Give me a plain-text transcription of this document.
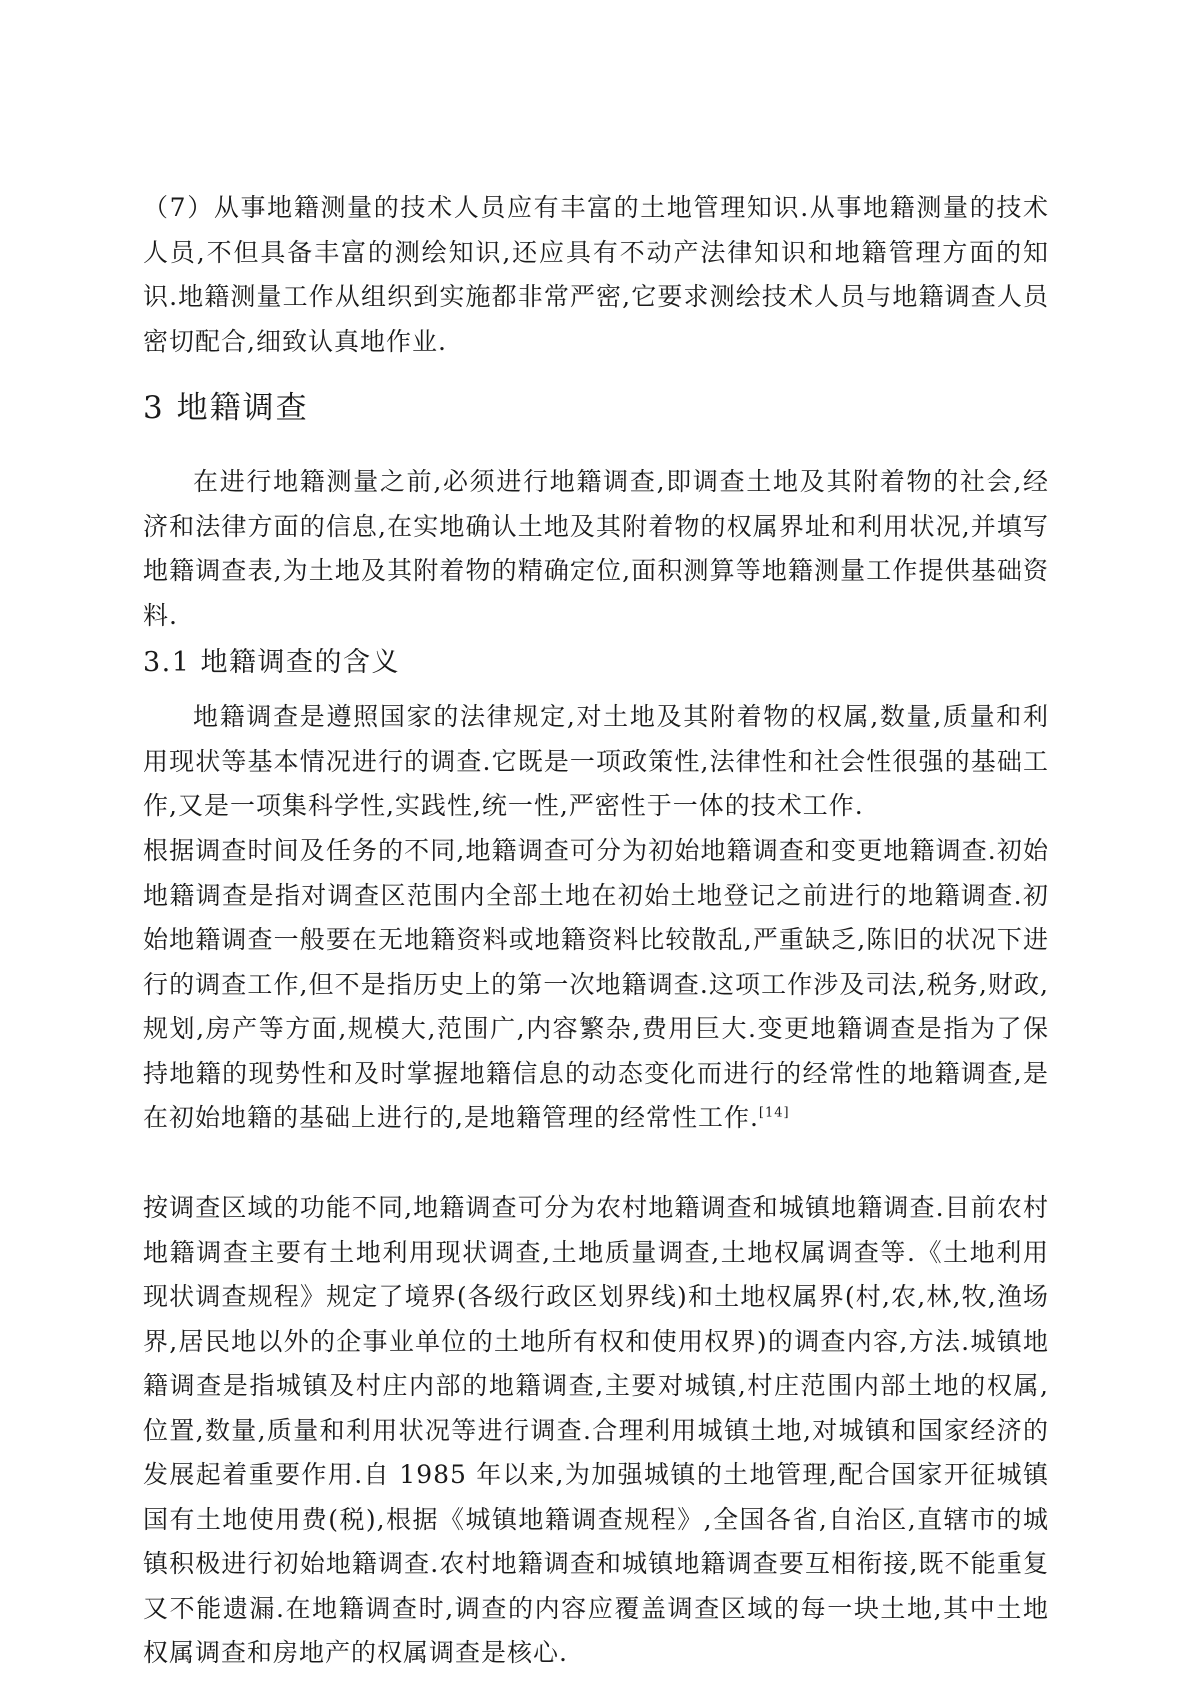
（7）从事地籍测量的技术人员应有丰富的土地管理知识.从事地籍测量的技术人员,不但具备丰富的测绘知识,还应具有不动产法律知识和地籍管理方面的知识.地籍测量工作从组织到实施都非常严密,它要求测绘技术人员与地籍调查人员密切配合,细致认真地作业.

3 地籍调查

在进行地籍测量之前,必须进行地籍调查,即调查土地及其附着物的社会,经济和法律方面的信息,在实地确认土地及其附着物的权属界址和利用状况,并填写地籍调查表,为土地及其附着物的精确定位,面积测算等地籍测量工作提供基础资料.

3.1 地籍调查的含义

地籍调查是遵照国家的法律规定,对土地及其附着物的权属,数量,质量和利用现状等基本情况进行的调查.它既是一项政策性,法律性和社会性很强的基础工作,又是一项集科学性,实践性,统一性,严密性于一体的技术工作.

根据调查时间及任务的不同,地籍调查可分为初始地籍调查和变更地籍调查.初始地籍调查是指对调查区范围内全部土地在初始土地登记之前进行的地籍调查.初始地籍调查一般要在无地籍资料或地籍资料比较散乱,严重缺乏,陈旧的状况下进行的调查工作,但不是指历史上的第一次地籍调查.这项工作涉及司法,税务,财政,规划,房产等方面,规模大,范围广,内容繁杂,费用巨大.变更地籍调查是指为了保持地籍的现势性和及时掌握地籍信息的动态变化而进行的经常性的地籍调查,是在初始地籍的基础上进行的,是地籍管理的经常性工作.[14]

按调查区域的功能不同,地籍调查可分为农村地籍调查和城镇地籍调查.目前农村地籍调查主要有土地利用现状调查,土地质量调查,土地权属调查等.《土地利用现状调查规程》规定了境界(各级行政区划界线)和土地权属界(村,农,林,牧,渔场界,居民地以外的企事业单位的土地所有权和使用权界)的调查内容,方法.城镇地籍调查是指城镇及村庄内部的地籍调查,主要对城镇,村庄范围内部土地的权属,位置,数量,质量和利用状况等进行调查.合理利用城镇土地,对城镇和国家经济的发展起着重要作用.自 1985 年以来,为加强城镇的土地管理,配合国家开征城镇国有土地使用费(税),根据《城镇地籍调查规程》,全国各省,自治区,直辖市的城镇积极进行初始地籍调查.农村地籍调查和城镇地籍调查要互相衔接,既不能重复又不能遗漏.在地籍调查时,调查的内容应覆盖调查区域的每一块土地,其中土地权属调查和房地产的权属调查是核心.
